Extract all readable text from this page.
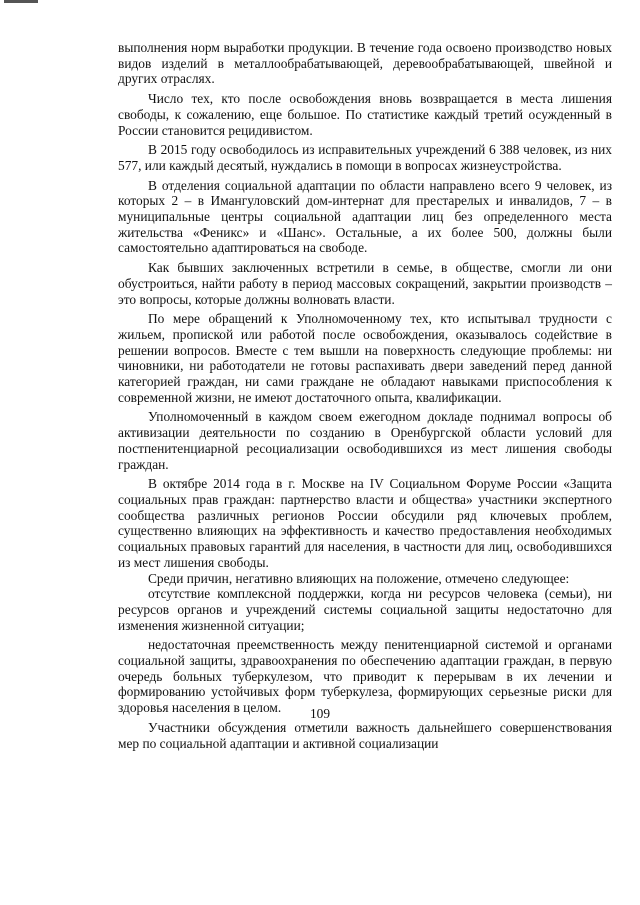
выполнения норм выработки продукции. В течение года освоено производство новых видов изделий в металлообрабатывающей, деревообрабатывающей, швейной и других отраслях.

Число тех, кто после освобождения вновь возвращается в места лишения свободы, к сожалению, еще большое. По статистике каждый третий осужденный в России становится рецидивистом.

В 2015 году освободилось из исправительных учреждений 6 388 человек, из них 577, или каждый десятый, нуждались в помощи в вопросах жизнеустройства.

В отделения социальной адаптации по области направлено всего 9 человек, из которых 2 – в Имангуловский дом-интернат для престарелых и инвалидов, 7 – в муниципальные центры социальной адаптации лиц без определенного места жительства «Феникс» и «Шанс». Остальные, а их более 500, должны были самостоятельно адаптироваться на свободе.

Как бывших заключенных встретили в семье, в обществе, смогли ли они обустроиться, найти работу в период массовых сокращений, закрытии производств – это вопросы, которые должны волновать власти.

По мере обращений к Уполномоченному тех, кто испытывал трудности с жильем, пропиской или работой после освобождения, оказывалось содействие в решении вопросов. Вместе с тем вышли на поверхность следующие проблемы: ни чиновники, ни работодатели не готовы распахивать двери заведений перед данной категорией граждан, ни сами граждане не обладают навыками приспособления к современной жизни, не имеют достаточного опыта, квалификации.

Уполномоченный в каждом своем ежегодном докладе поднимал вопросы об активизации деятельности по созданию в Оренбургской области условий для постпенитенциарной ресоциализации освободившихся из мест лишения свободы граждан.

В октябре 2014 года в г. Москве на IV Социальном Форуме России «Защита социальных прав граждан: партнерство власти и общества» участники экспертного сообщества различных регионов России обсудили ряд ключевых проблем, существенно влияющих на эффективность и качество предоставления необходимых социальных правовых гарантий для населения, в частности для лиц, освободившихся из мест лишения свободы.

Среди причин, негативно влияющих на положение, отмечено следующее:

отсутствие комплексной поддержки, когда ни ресурсов человека (семьи), ни ресурсов органов и учреждений системы социальной защиты недостаточно для изменения жизненной ситуации;

недостаточная преемственность между пенитенциарной системой и органами социальной защиты, здравоохранения по обеспечению адаптации граждан, в первую очередь больных туберкулезом, что приводит к перерывам в их лечении и формированию устойчивых форм туберкулеза, формирующих серьезные риски для здоровья населения в целом.

Участники обсуждения отметили важность дальнейшего совершенствования мер по социальной адаптации и активной социализации

109
